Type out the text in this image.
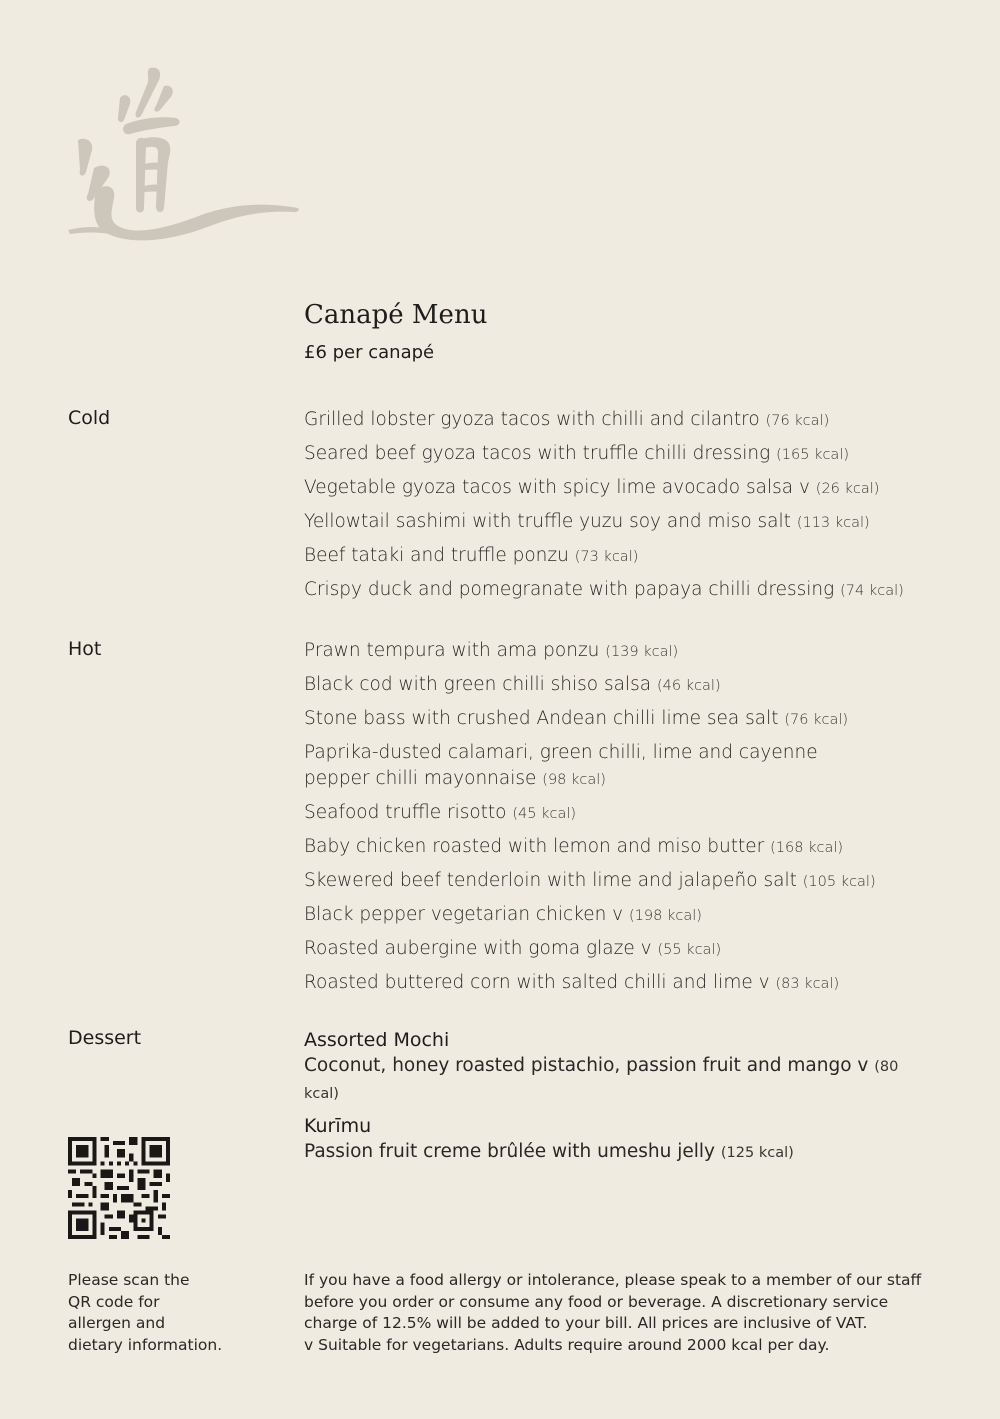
Canapé Menu
£6 per canapé
Cold	Grilled lobster gyoza tacos with chilli and cilantro (76 kcal)
Seared beef gyoza tacos with truffle chilli dressing (165 kcal)
Vegetable gyoza tacos with spicy lime avocado salsa v (26 kcal)
Yellowtail sashimi with truffle yuzu soy and miso salt (113 kcal)
Beef tataki and truffle ponzu (73 kcal)
Crispy duck and pomegranate with papaya chilli dressing (74 kcal)
Hot	Prawn tempura with ama ponzu (139 kcal)
Black cod with green chilli shiso salsa (46 kcal)
Stone bass with crushed Andean chilli lime sea salt (76 kcal)
Paprika-dusted calamari, green chilli, lime and cayenne pepper chilli mayonnaise (98 kcal)
Seafood truffle risotto (45 kcal)
Baby chicken roasted with lemon and miso butter (168 kcal)
Skewered beef tenderloin with lime and jalapeño salt (105 kcal)
Black pepper vegetarian chicken v (198 kcal)
Roasted aubergine with goma glaze v (55 kcal)
Roasted buttered corn with salted chilli and lime v (83 kcal)
Dessert	Assorted Mochi
Coconut, honey roasted pistachio, passion fruit and mango v (80 kcal)
Kurīmu
Passion fruit creme brûlée with umeshu jelly (125 kcal)
Please scan the
QR code for
allergen and
dietary information.
If you have a food allergy or intolerance, please speak to a member of our staff
before you order or consume any food or beverage. A discretionary service
charge of 12.5% will be added to your bill. All prices are inclusive of VAT.
v Suitable for vegetarians. Adults require around 2000 kcal per day.
